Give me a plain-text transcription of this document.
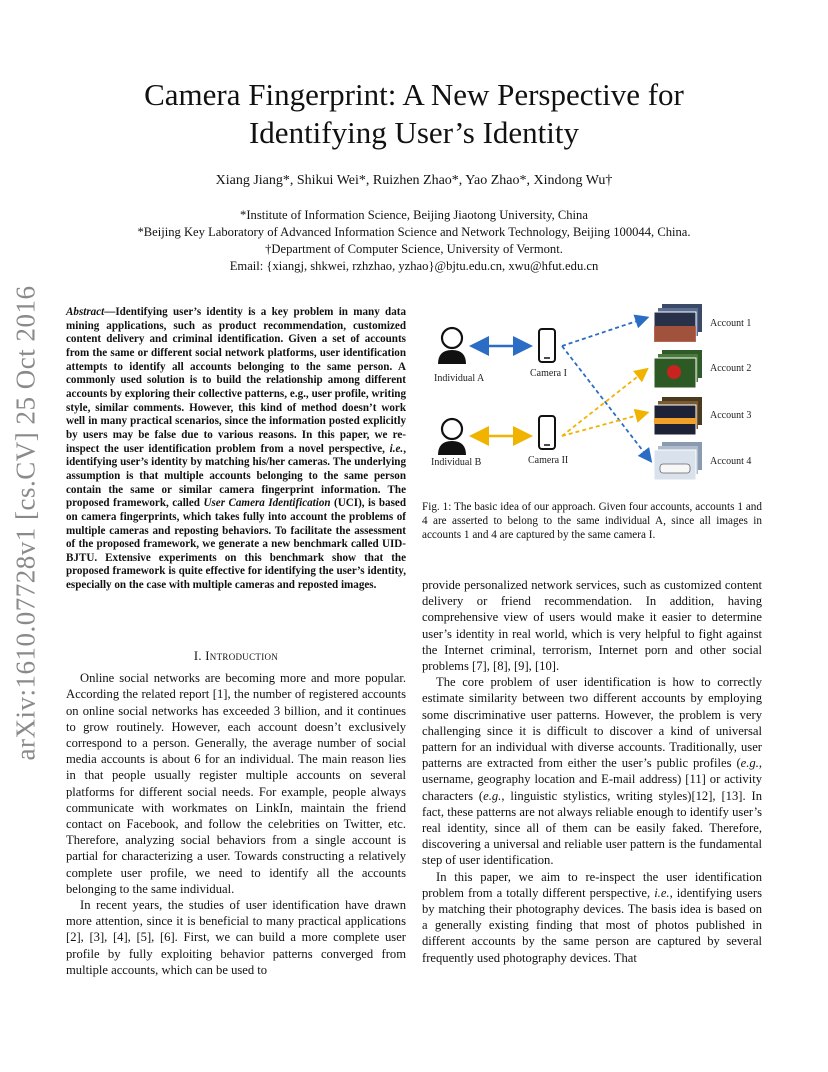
arXiv:1610.07728v1 [cs.CV] 25 Oct 2016
Camera Fingerprint: A New Perspective for
Identifying User’s Identity
Xiang Jiang*, Shikui Wei*, Ruizhen Zhao*, Yao Zhao*, Xindong Wu†
*Institute of Information Science, Beijing Jiaotong University, China
*Beijing Key Laboratory of Advanced Information Science and Network Technology, Beijing 100044, China.
†Department of Computer Science, University of Vermont.
Email: {xiangj, shkwei, rzhzhao, yzhao}@bjtu.edu.cn, xwu@hfut.edu.cn

Abstract—Identifying user’s identity is a key problem in many data mining applications, such as product recommendation, customized content delivery and criminal identification. Given a set of accounts from the same or different social network platforms, user identification attempts to identify all accounts belonging to the same person. A commonly used solution is to build the relationship among different accounts by exploring their collective patterns, e.g., user profile, writing style, similar comments. However, this kind of method doesn’t work well in many practical scenarios, since the information posted explicitly by users may be false due to various reasons. In this paper, we re-inspect the user identification problem from a novel perspective, i.e., identifying user’s identity by matching his/her cameras. The underlying assumption is that multiple accounts belonging to the same person contain the same or similar camera fingerprint information. The proposed framework, called User Camera Identification (UCI), is based on camera fingerprints, which takes fully into account the problems of multiple cameras and reposting behaviors. To facilitate the assessment of the proposed framework, we generate a new benchmark called UID-BJTU. Extensive experiments on this benchmark show that the proposed framework is quite effective for identifying the user’s identity, especially on the case with multiple cameras and reposted images.

I. Introduction

Online social networks are becoming more and more popular. According the related report [1], the number of registered accounts on online social networks has exceeded 3 billion, and it continues to grow routinely. However, each account doesn’t exclusively correspond to a person. Generally, the average number of social media accounts is about 6 for an individual. The main reason lies in that people usually register multiple accounts on several platforms for different social needs. For example, people always communicate with workmates on LinkIn, maintain the friend contact on Facebook, and follow the celebrities on Twitter, etc. Therefore, analyzing social behaviors from a single account is partial for characterizing a user. Towards constructing a relatively complete user profile, we need to identify all the accounts belonging to the same individual.

In recent years, the studies of user identification have drawn more attention, since it is beneficial to many practical applications [2], [3], [4], [5], [6]. First, we can build a more complete user profile by fully exploiting behavior patterns converged from multiple accounts, which can be used to

Individual A
Individual B
Camera I
Camera II
Account 1
Account 2
Account 3
Account 4
Fig. 1: The basic idea of our approach. Given four accounts, accounts 1 and 4 are asserted to belong to the same individual A, since all images in accounts 1 and 4 are captured by the same camera I.

provide personalized network services, such as customized content delivery or friend recommendation. In addition, having comprehensive view of users would make it easier to determine user’s identity in real world, which is very helpful to fight against the Internet criminal, terrorism, Internet porn and other social problems [7], [8], [9], [10].

The core problem of user identification is how to correctly estimate similarity between two different accounts by employing some discriminative user patterns. However, the problem is very challenging since it is difficult to discover a kind of universal pattern for an individual with diverse accounts. Traditionally, user patterns are extracted from either the user’s public profiles (e.g., username, geography location and E-mail address) [11] or activity characters (e.g., linguistic stylistics, writing styles)[12], [13]. In fact, these patterns are not always reliable enough to identify user’s real identity, since all of them can be easily faked. Therefore, discovering a universal and reliable user pattern is the fundamental step of user identification.

In this paper, we aim to re-inspect the user identification problem from a totally different perspective, i.e., identifying users by matching their photography devices. The basis idea is based on a generally existing finding that most of photos published in different accounts by the same person are captured by several frequently used photography devices. That
